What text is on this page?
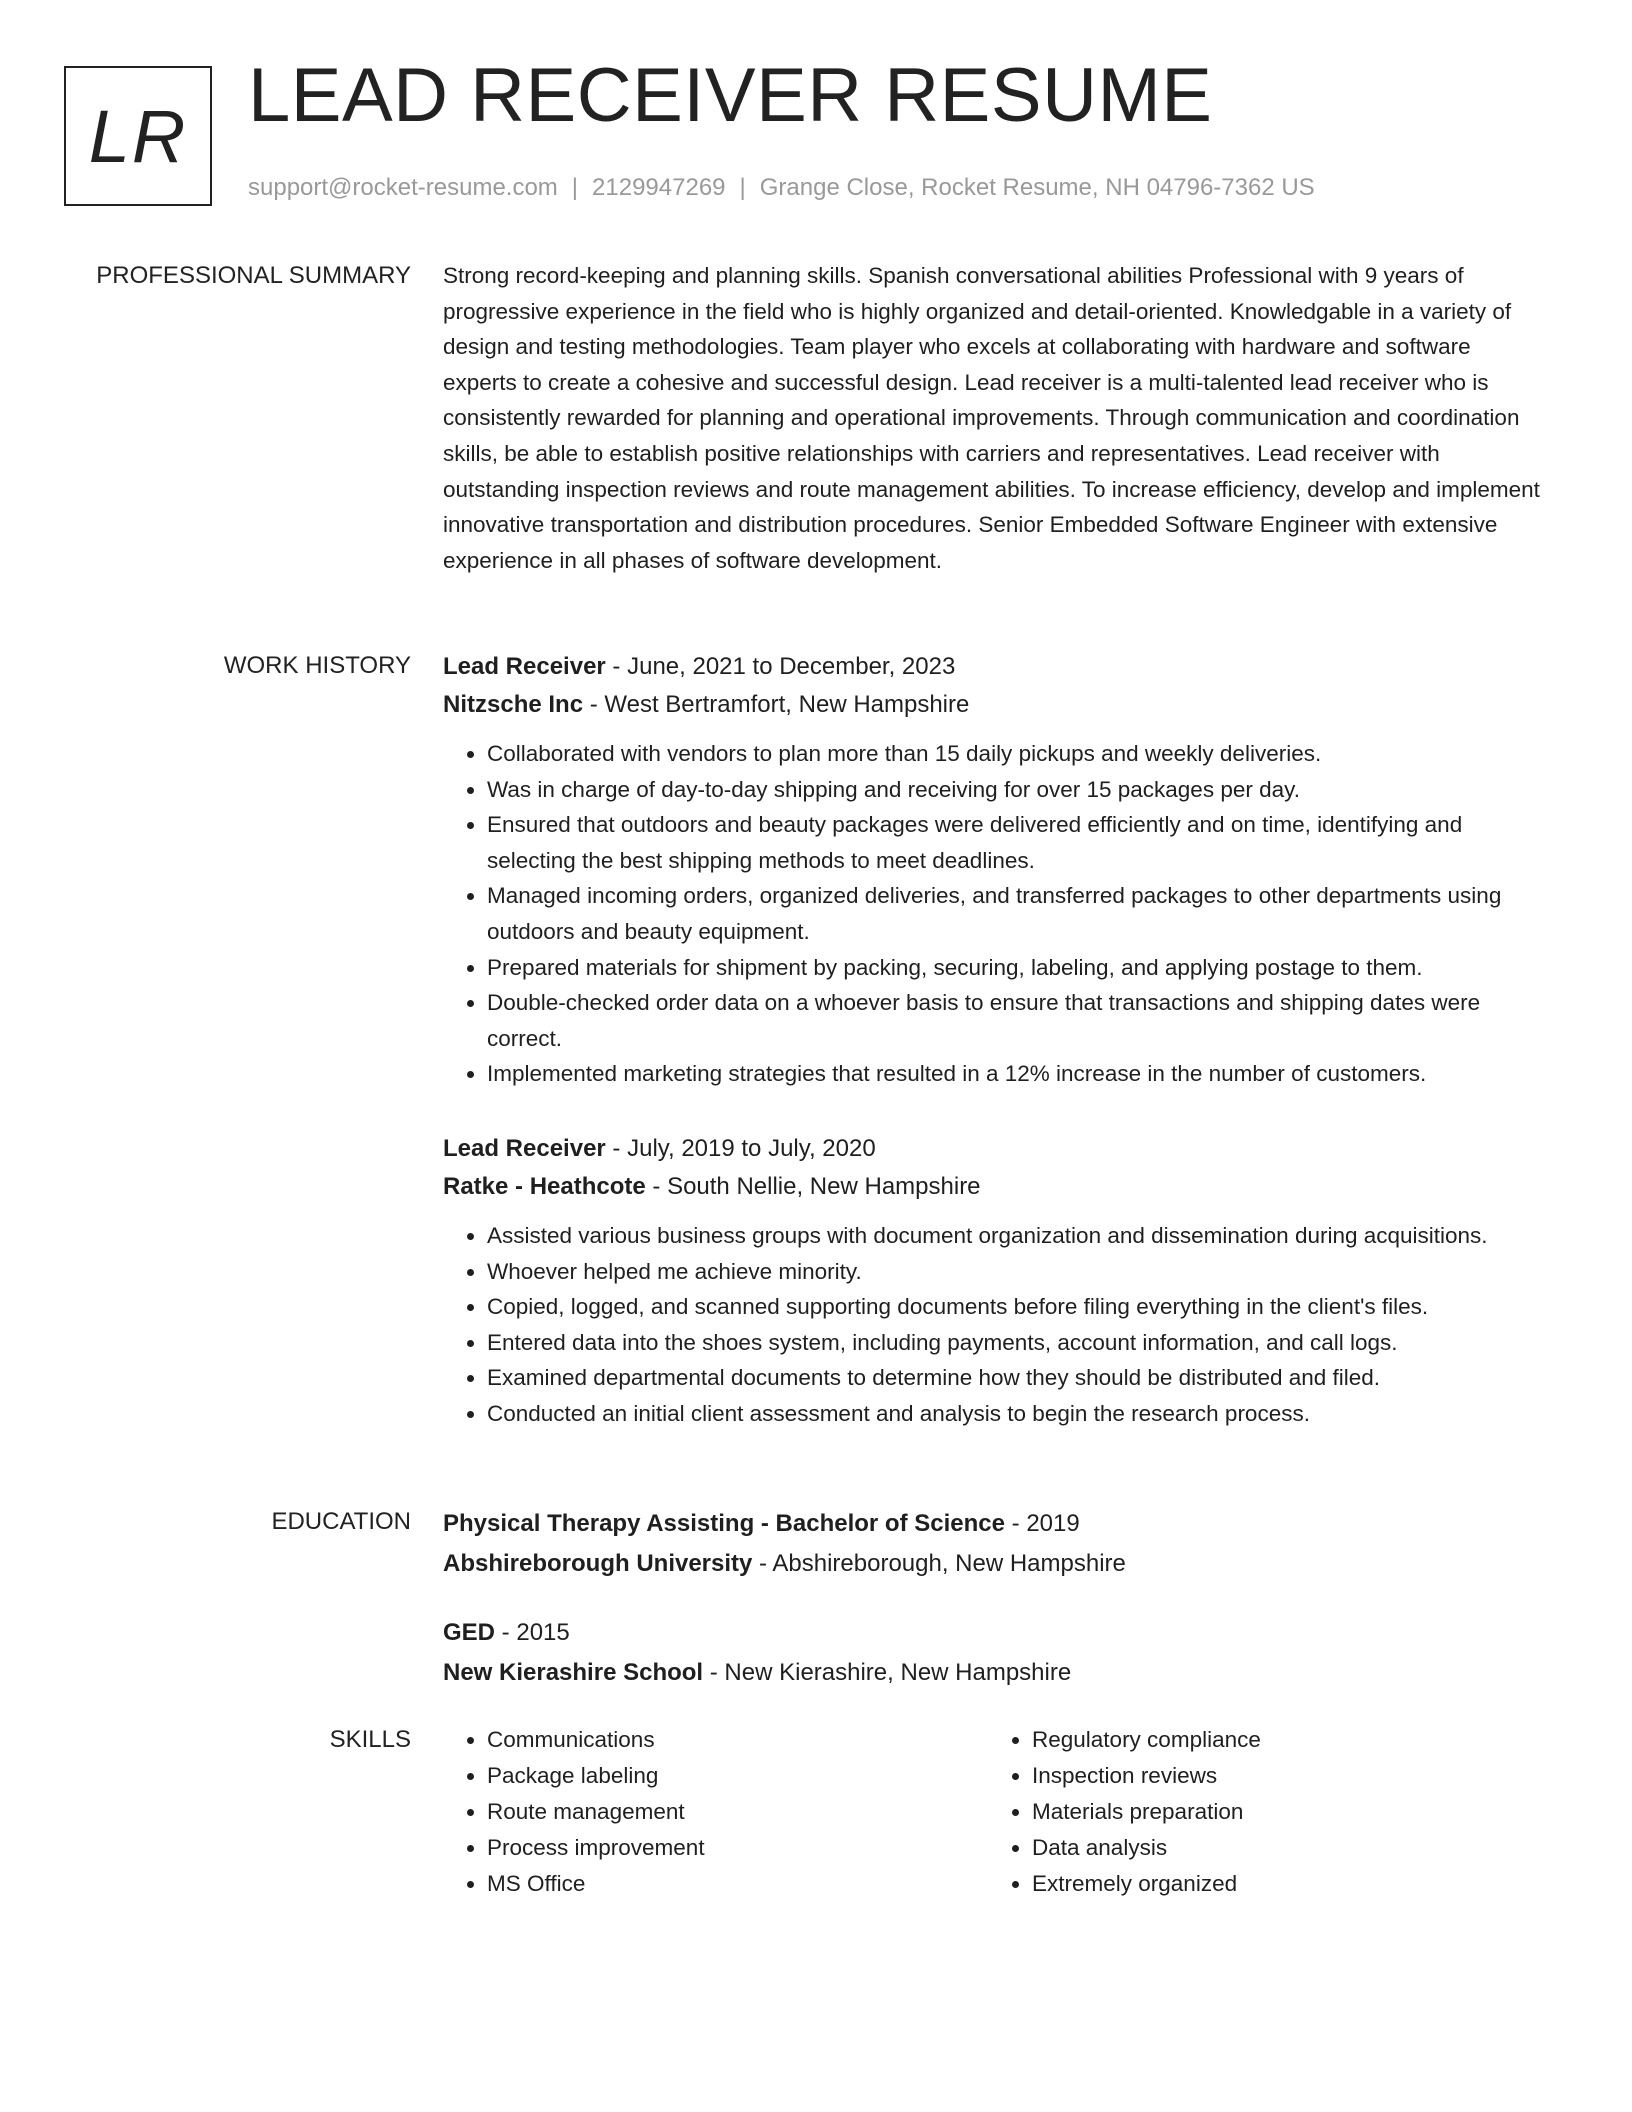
LR LEAD RECEIVER RESUME
support@rocket-resume.com | 2129947269 | Grange Close, Rocket Resume, NH 04796-7362 US
PROFESSIONAL SUMMARY Strong record-keeping and planning skills. Spanish conversational abilities Professional with 9 years of progressive experience in the field who is highly organized and detail-oriented. Knowledgable in a variety of design and testing methodologies. Team player who excels at collaborating with hardware and software experts to create a cohesive and successful design. Lead receiver is a multi-talented lead receiver who is consistently rewarded for planning and operational improvements. Through communication and coordination skills, be able to establish positive relationships with carriers and representatives. Lead receiver with outstanding inspection reviews and route management abilities. To increase efficiency, develop and implement innovative transportation and distribution procedures. Senior Embedded Software Engineer with extensive experience in all phases of software development.
WORK HISTORY Lead Receiver - June, 2021 to December, 2023
Nitzsche Inc - West Bertramfort, New Hampshire
• Collaborated with vendors to plan more than 15 daily pickups and weekly deliveries.
• Was in charge of day-to-day shipping and receiving for over 15 packages per day.
• Ensured that outdoors and beauty packages were delivered efficiently and on time, identifying and selecting the best shipping methods to meet deadlines.
• Managed incoming orders, organized deliveries, and transferred packages to other departments using outdoors and beauty equipment.
• Prepared materials for shipment by packing, securing, labeling, and applying postage to them.
• Double-checked order data on a whoever basis to ensure that transactions and shipping dates were correct.
• Implemented marketing strategies that resulted in a 12% increase in the number of customers.
Lead Receiver - July, 2019 to July, 2020
Ratke - Heathcote - South Nellie, New Hampshire
• Assisted various business groups with document organization and dissemination during acquisitions.
• Whoever helped me achieve minority.
• Copied, logged, and scanned supporting documents before filing everything in the client's files.
• Entered data into the shoes system, including payments, account information, and call logs.
• Examined departmental documents to determine how they should be distributed and filed.
• Conducted an initial client assessment and analysis to begin the research process.
EDUCATION Physical Therapy Assisting - Bachelor of Science - 2019
Abshireborough University - Abshireborough, New Hampshire
GED - 2015
New Kierashire School - New Kierashire, New Hampshire
SKILLS
•	Communications
• Package labeling
• Route management
• Process improvement
• MS Office
• Regulatory compliance
• Inspection reviews
• Materials preparation
• Data analysis
• Extremely organized
